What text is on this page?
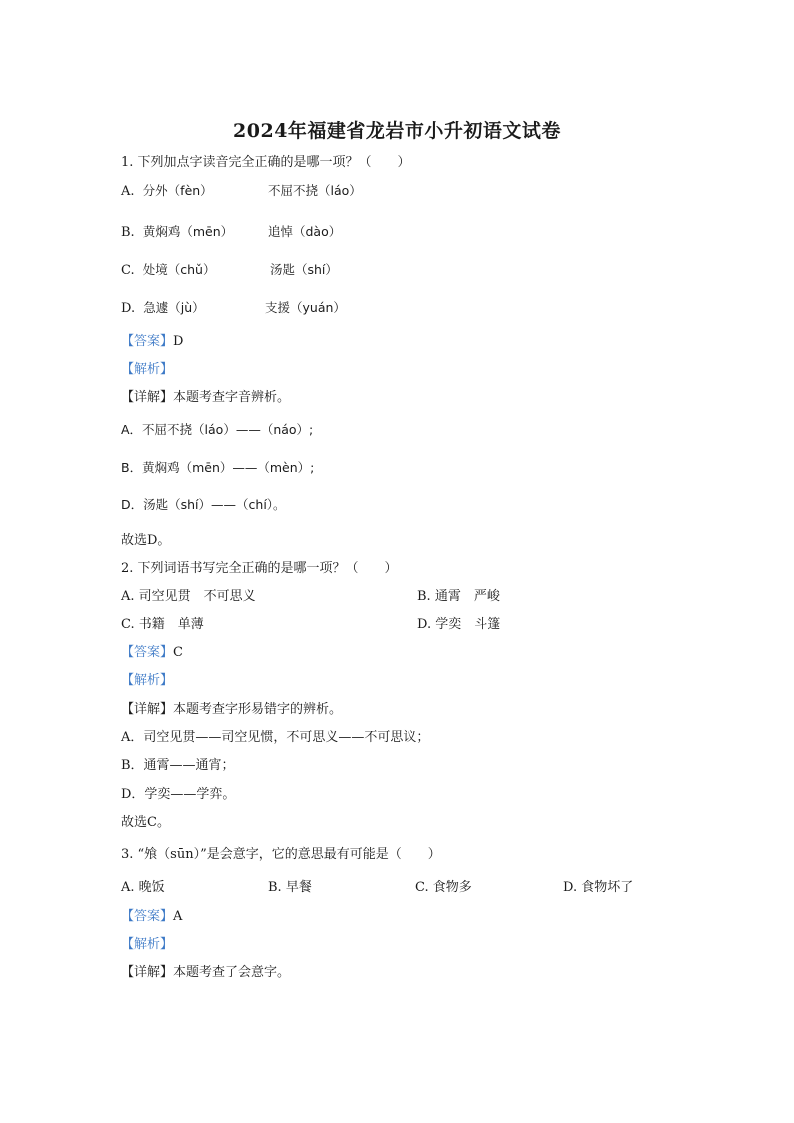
2024年福建省龙岩市小升初语文试卷
1. 下列加点字读音完全正确的是哪一项？（　　）
A. 分外（fèn）	不屈不挠（láo）
B. 黄焖鸡（mēn）	追悼（dào）
C. 处境（chǔ）	汤匙（shí）
D. 急遽（jù）	支援（yuán）
【答案】D
【解析】
【详解】本题考查字音辨析。
A．不屈不挠（láo）——（náo）;
B．黄焖鸡（mēn）——（mèn）;
D．汤匙（shí）——（chí）。
故选D。
2. 下列词语书写完全正确的是哪一项？（　　）
A. 司空见贯　不可思义	B. 通霄　严峻
C. 书籍　单薄	D. 学奕　斗篷
【答案】C
【解析】
【详解】本题考查字形易错字的辨析。
A．司空见贯——司空见惯，不可思义——不可思议；
B．通霄——通宵；
D．学奕——学弈。
故选C。
3. “飧（sūn）”是会意字，它的意思最有可能是（　　）
A. 晚饭	B. 早餐	C. 食物多	D. 食物坏了
【答案】A
【解析】
【详解】本题考查了会意字。
